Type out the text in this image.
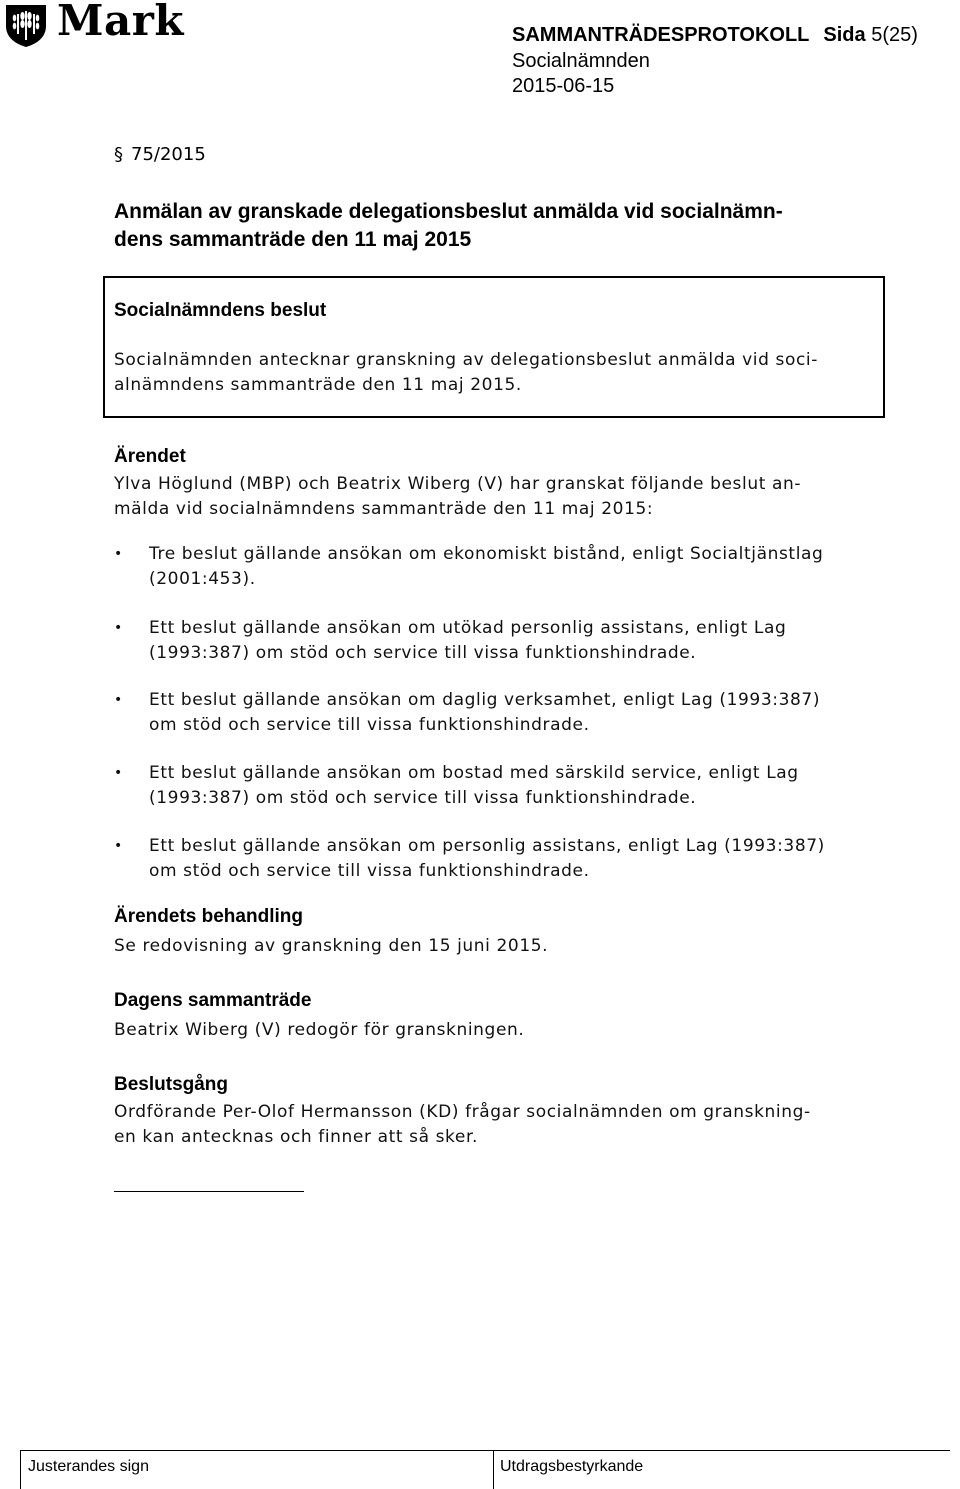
Mark	SAMMANTRÄDESPROTOKOLL Sida 5(25)
Socialnämnden
2015-06-15
§ 75/2015
Anmälan av granskade delegationsbeslut anmälda vid socialnämn-
dens sammanträde den 11 maj 2015
Socialnämndens beslut
Socialnämnden antecknar granskning av delegationsbeslut anmälda vid soci-
alnämndens sammanträde den 11 maj 2015.
Ärendet
Ylva Höglund (MBP) och Beatrix Wiberg (V) har granskat följande beslut an-
mälda vid socialnämndens sammanträde den 11 maj 2015:
• Tre beslut gällande ansökan om ekonomiskt bistånd, enligt Socialtjänstlag
(2001:453).
• Ett beslut gällande ansökan om utökad personlig assistans, enligt Lag
(1993:387) om stöd och service till vissa funktionshindrade.
• Ett beslut gällande ansökan om daglig verksamhet, enligt Lag (1993:387)
om stöd och service till vissa funktionshindrade.
• Ett beslut gällande ansökan om bostad med särskild service, enligt Lag
(1993:387) om stöd och service till vissa funktionshindrade.
• Ett beslut gällande ansökan om personlig assistans, enligt Lag (1993:387)
om stöd och service till vissa funktionshindrade.
Ärendets behandling
Se redovisning av granskning den 15 juni 2015.
Dagens sammanträde
Beatrix Wiberg (V) redogör för granskningen.
Beslutsgång
Ordförande Per-Olof Hermansson (KD) frågar socialnämnden om granskning-
en kan antecknas och finner att så sker.
Justerandes sign	Utdragsbestyrkande
